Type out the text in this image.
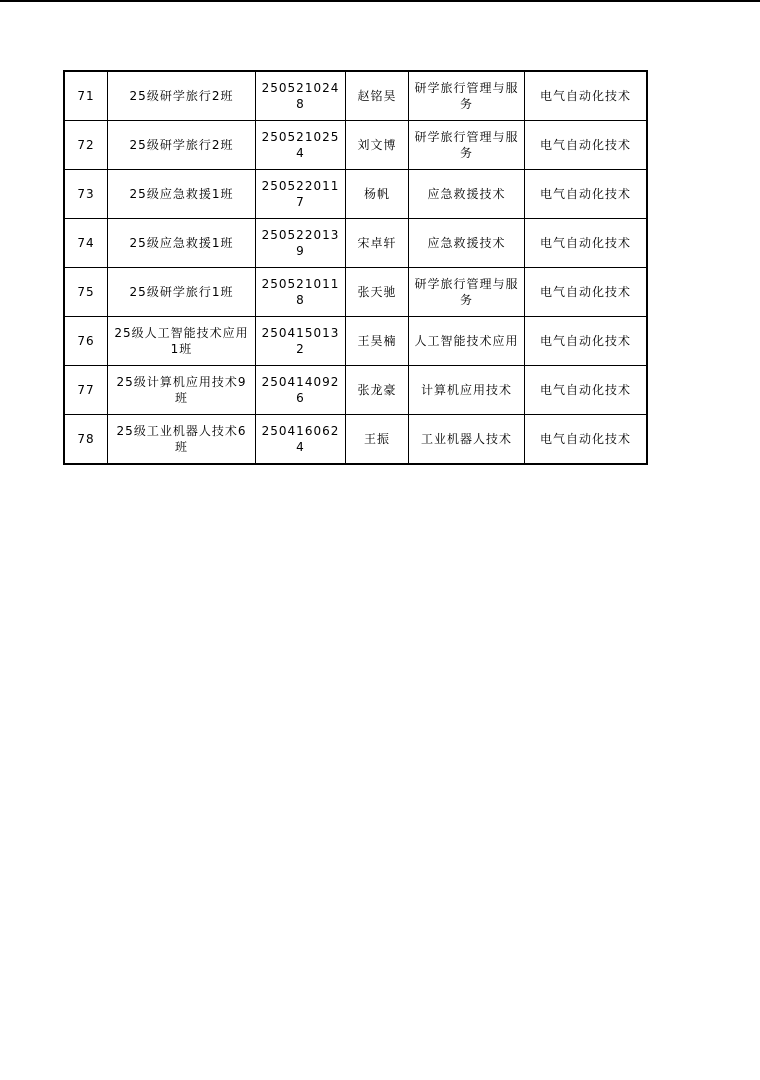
71	25级研学旅行2班	2505210248	赵铭昊	研学旅行管理与服务	电气自动化技术
72	25级研学旅行2班	2505210254	刘文博	研学旅行管理与服务	电气自动化技术
73	25级应急救援1班	2505220117	杨帆	应急救援技术	电气自动化技术
74	25级应急救援1班	2505220139	宋卓轩	应急救援技术	电气自动化技术
75	25级研学旅行1班	2505210118	张天驰	研学旅行管理与服务	电气自动化技术
76	25级人工智能技术应用1班	2504150132	王昊楠	人工智能技术应用	电气自动化技术
77	25级计算机应用技术9班	2504140926	张龙豪	计算机应用技术	电气自动化技术
78	25级工业机器人技术6班	2504160624	王振	工业机器人技术	电气自动化技术
